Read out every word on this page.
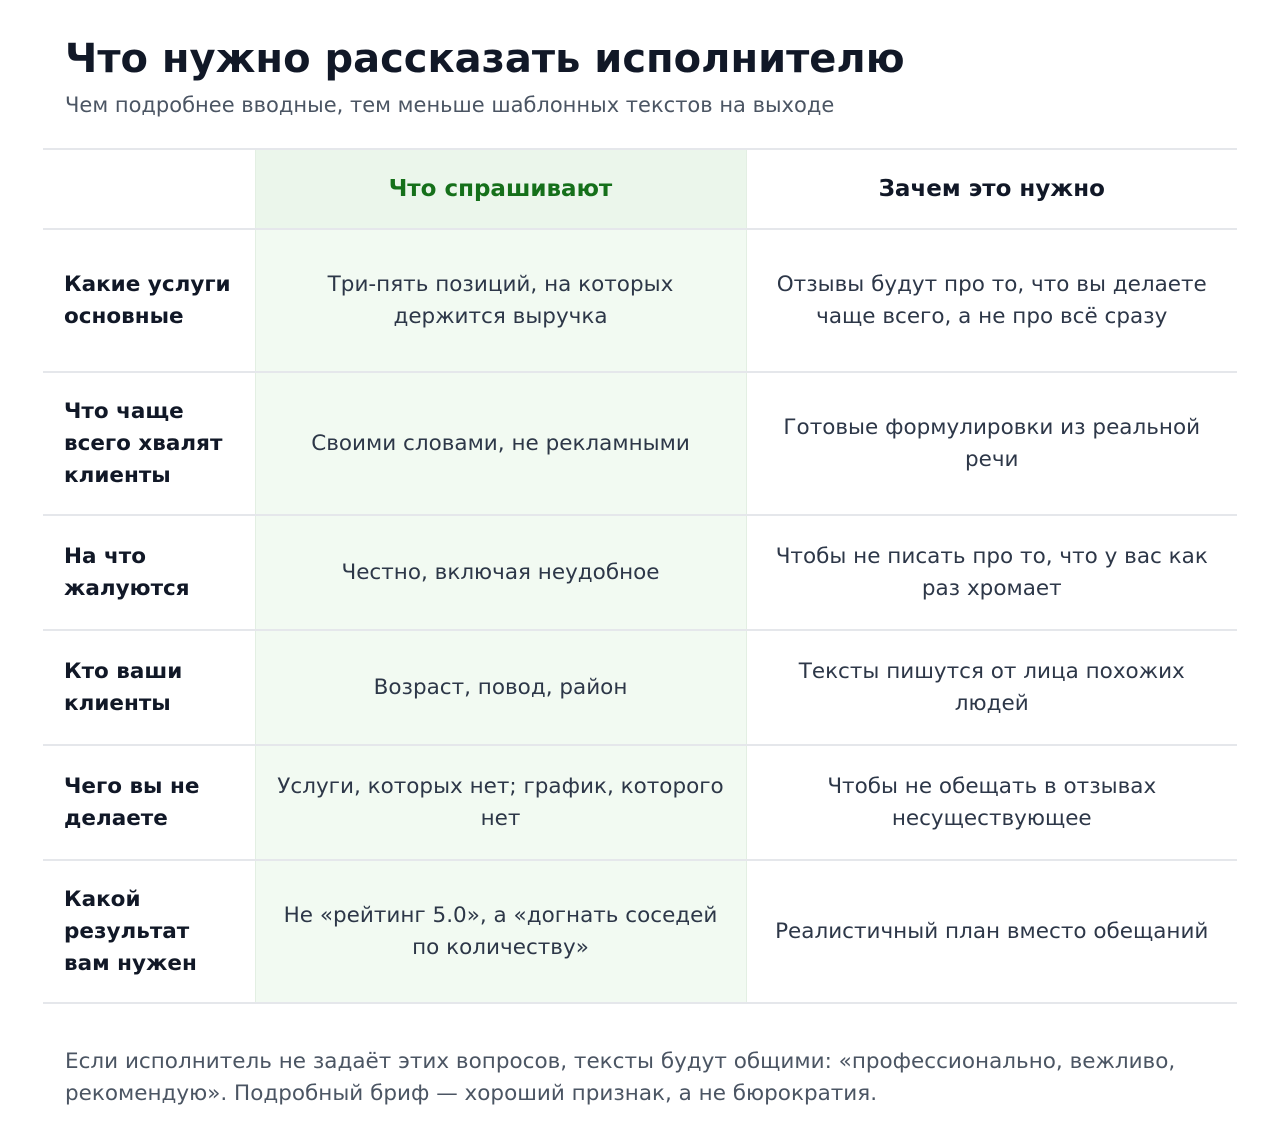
Что нужно рассказать исполнителю

Чем подробнее вводные, тем меньше шаблонных текстов на выходе

	Что спрашивают	Зачем это нужно
Какие услуги основные	Три-пять позиций, на которых держится выручка	Отзывы будут про то, что вы делаете чаще всего, а не про всё сразу
Что чаще всего хвалят клиенты	Своими словами, не рекламными	Готовые формулировки из реальной речи
На что жалуются	Честно, включая неудобное	Чтобы не писать про то, что у вас как раз хромает
Кто ваши клиенты	Возраст, повод, район	Тексты пишутся от лица похожих людей
Чего вы не делаете	Услуги, которых нет; график, которого нет	Чтобы не обещать в отзывах несуществующее
Какой результат вам нужен	Не «рейтинг 5.0», а «догнать соседей по количеству»	Реалистичный план вместо обещаний

Если исполнитель не задаёт этих вопросов, тексты будут общими: «профессионально, вежливо, рекомендую». Подробный бриф — хороший признак, а не бюрократия.
